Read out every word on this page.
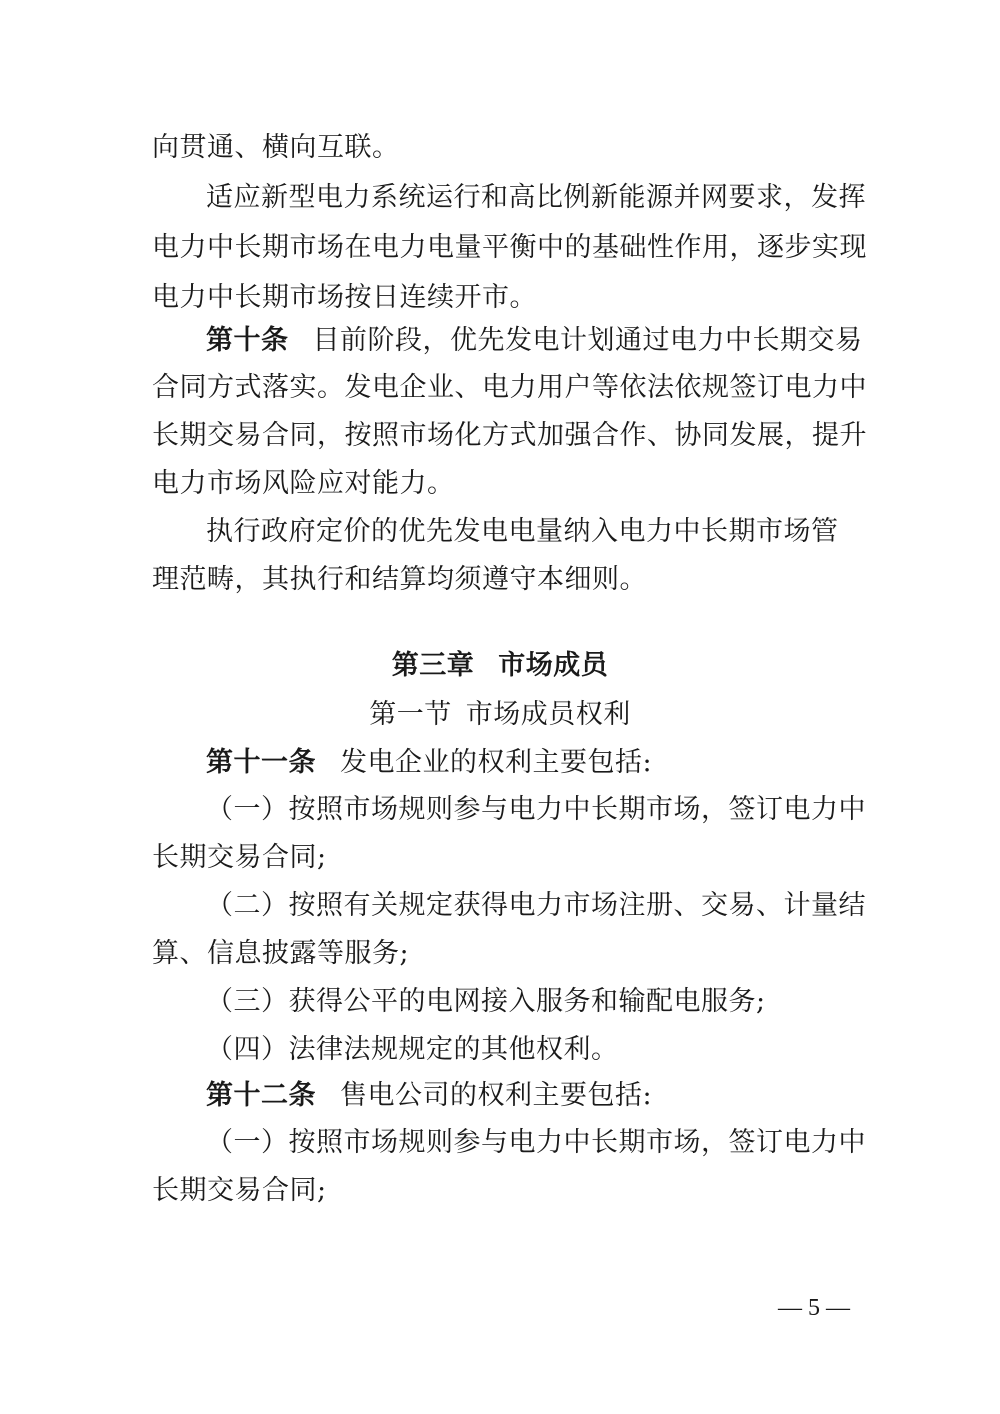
向贯通、横向互联。
适应新型电力系统运行和高比例新能源并网要求，发挥
电力中长期市场在电力电量平衡中的基础性作用，逐步实现
电力中长期市场按日连续开市。
第十条 目前阶段，优先发电计划通过电力中长期交易
合同方式落实。发电企业、电力用户等依法依规签订电力中
长期交易合同，按照市场化方式加强合作、协同发展，提升
电力市场风险应对能力。
执行政府定价的优先发电电量纳入电力中长期市场管
理范畴，其执行和结算均须遵守本细则。
第三章 市场成员
第一节 市场成员权利
第十一条 发电企业的权利主要包括:
（一）按照市场规则参与电力中长期市场，签订电力中
长期交易合同;
（二）按照有关规定获得电力市场注册、交易、计量结
算、信息披露等服务;
（三）获得公平的电网接入服务和输配电服务;
（四）法律法规规定的其他权利。
第十二条 售电公司的权利主要包括:
（一）按照市场规则参与电力中长期市场，签订电力中
长期交易合同;
— 5 —
